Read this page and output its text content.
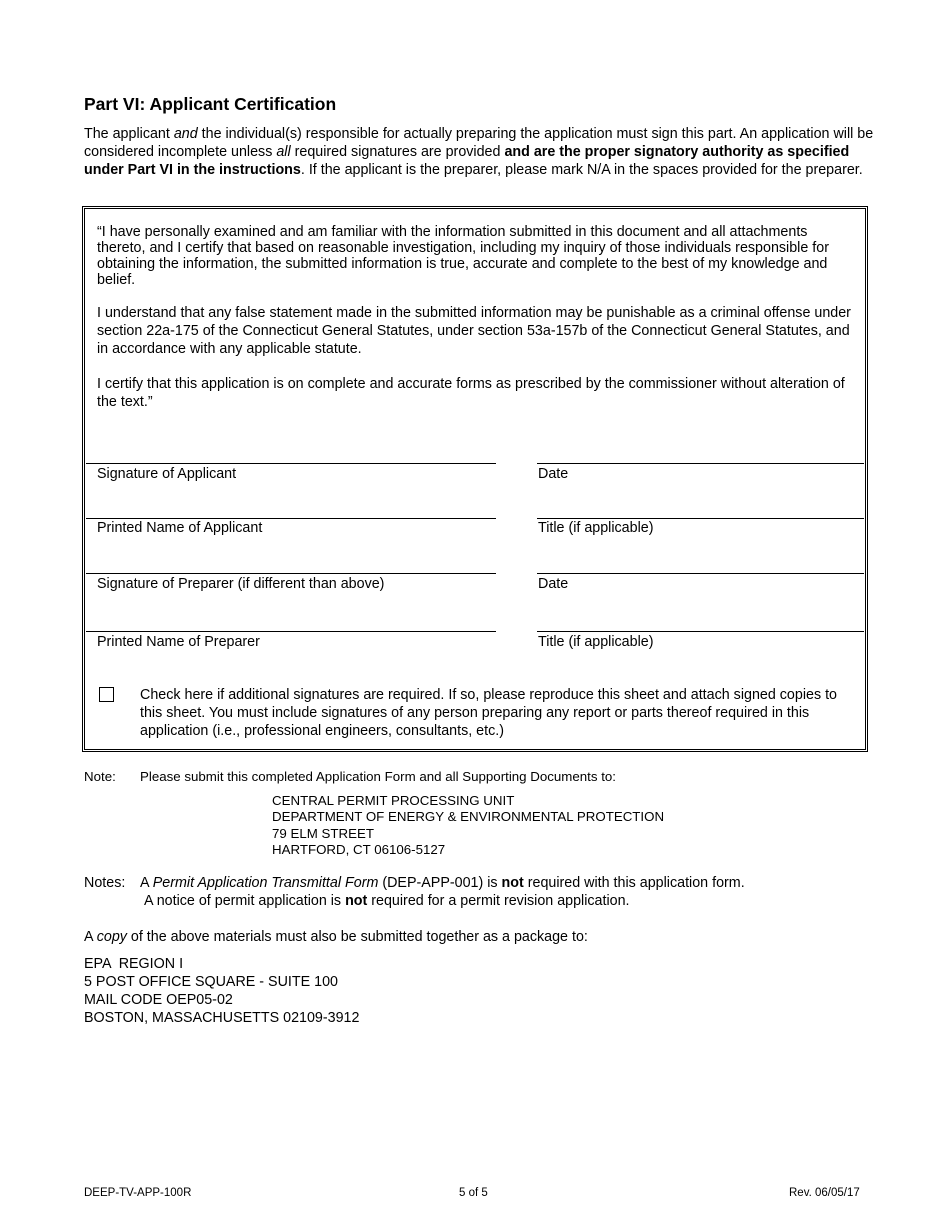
Part VI: Applicant Certification

The applicant and the individual(s) responsible for actually preparing the application must sign this part. An application will be considered incomplete unless all required signatures are provided and are the proper signatory authority as specified under Part VI in the instructions. If the applicant is the preparer, please mark N/A in the spaces provided for the preparer.

“I have personally examined and am familiar with the information submitted in this document and all attachments thereto, and I certify that based on reasonable investigation, including my inquiry of those individuals responsible for obtaining the information, the submitted information is true, accurate and complete to the best of my knowledge and belief.

I understand that any false statement made in the submitted information may be punishable as a criminal offense under section 22a-175 of the Connecticut General Statutes, under section 53a-157b of the Connecticut General Statutes, and in accordance with any applicable statute.

I certify that this application is on complete and accurate forms as prescribed by the commissioner without alteration of the text.”

Signature of Applicant	Date
Printed Name of Applicant	Title (if applicable)
Signature of Preparer (if different than above)	Date
Printed Name of Preparer	Title (if applicable)

Check here if additional signatures are required. If so, please reproduce this sheet and attach signed copies to this sheet. You must include signatures of any person preparing any report or parts thereof required in this application (i.e., professional engineers, consultants, etc.)

Note: Please submit this completed Application Form and all Supporting Documents to:
CENTRAL PERMIT PROCESSING UNIT
DEPARTMENT OF ENERGY & ENVIRONMENTAL PROTECTION
79 ELM STREET
HARTFORD, CT 06106-5127
Notes: A Permit Application Transmittal Form (DEP-APP-001) is not required with this application form.
A notice of permit application is not required for a permit revision application.
A copy of the above materials must also be submitted together as a package to:
EPA  REGION I
5 POST OFFICE SQUARE - SUITE 100
MAIL CODE OEP05-02
BOSTON, MASSACHUSETTS 02109-3912
DEEP-TV-APP-100R	5 of 5	Rev. 06/05/17
